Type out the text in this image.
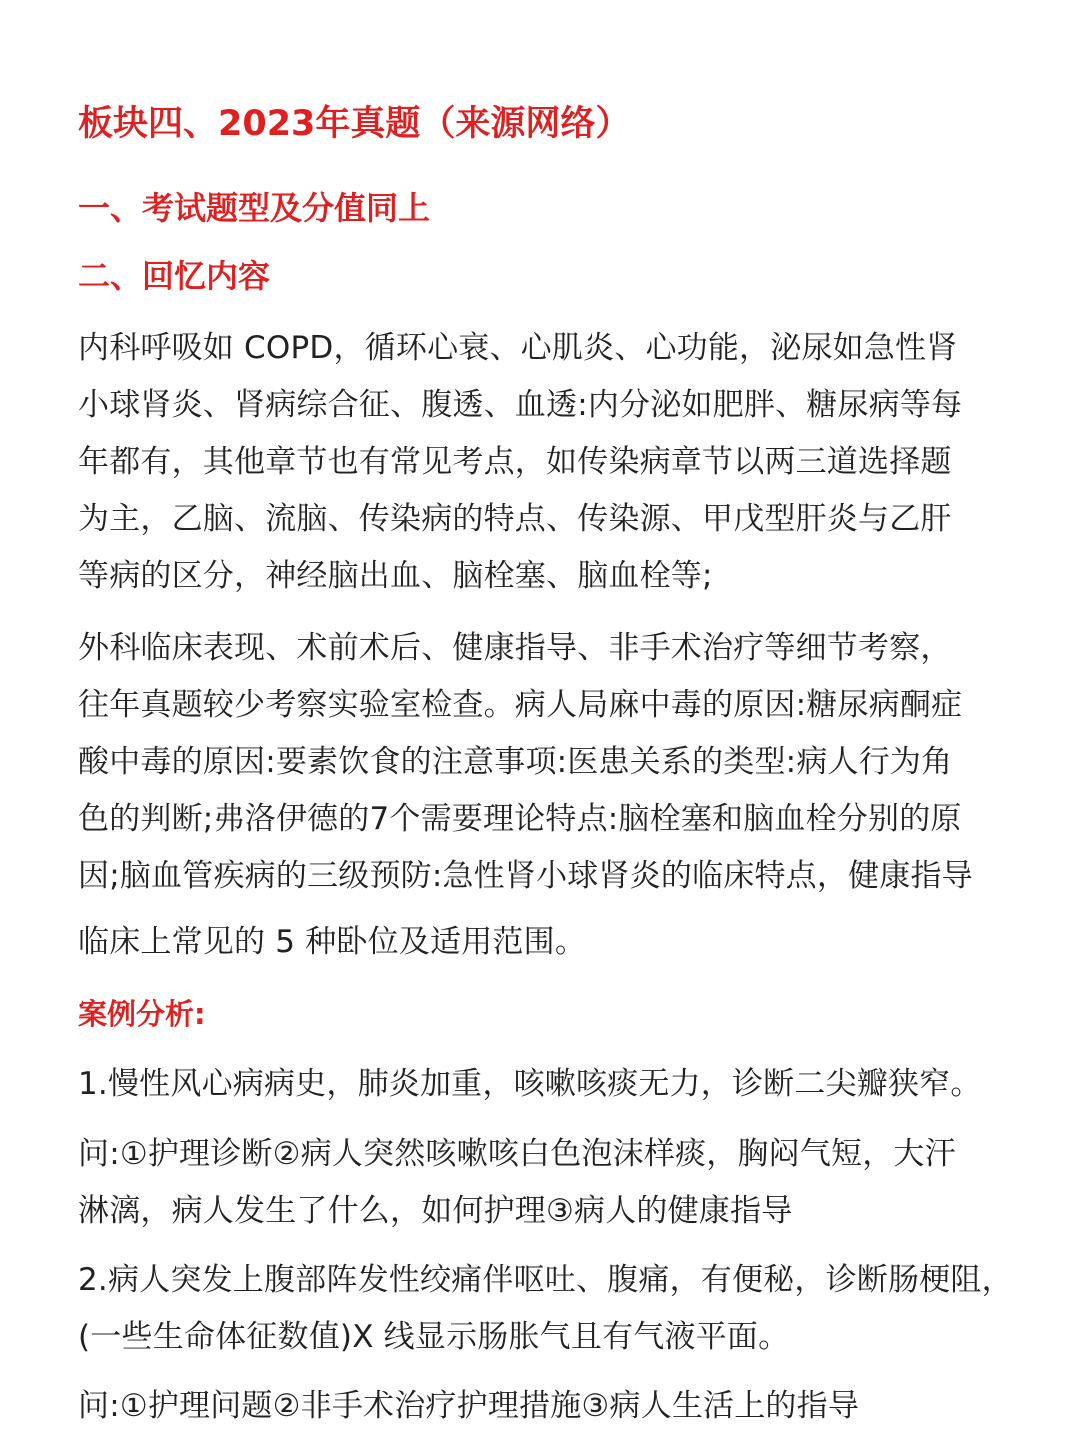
板块四、2023年真题（来源网络）
一、考试题型及分值同上
二、回忆内容

内科呼吸如 COPD，循环心衰、心肌炎、心功能，泌尿如急性肾
小球肾炎、肾病综合征、腹透、血透:内分泌如肥胖、糖尿病等每
年都有，其他章节也有常见考点，如传染病章节以两三道选择题
为主，乙脑、流脑、传染病的特点、传染源、甲戊型肝炎与乙肝
等病的区分，神经脑出血、脑栓塞、脑血栓等;

外科临床表现、术前术后、健康指导、非手术治疗等细节考察，
往年真题较少考察实验室检查。病人局麻中毒的原因:糖尿病酮症
酸中毒的原因:要素饮食的注意事项:医患关系的类型:病人行为角
色的判断;弗洛伊德的7个需要理论特点:脑栓塞和脑血栓分别的原
因;脑血管疾病的三级预防:急性肾小球肾炎的临床特点，健康指导

临床上常见的 5 种卧位及适用范围。

案例分析:

1.慢性风心病病史，肺炎加重，咳嗽咳痰无力，诊断二尖瓣狭窄。

问:①护理诊断②病人突然咳嗽咳白色泡沫样痰，胸闷气短，大汗
淋漓，病人发生了什么，如何护理③病人的健康指导

2.病人突发上腹部阵发性绞痛伴呕吐、腹痛，有便秘，诊断肠梗阻，
(一些生命体征数值)X 线显示肠胀气且有气液平面。

问:①护理问题②非手术治疗护理措施③病人生活上的指导
